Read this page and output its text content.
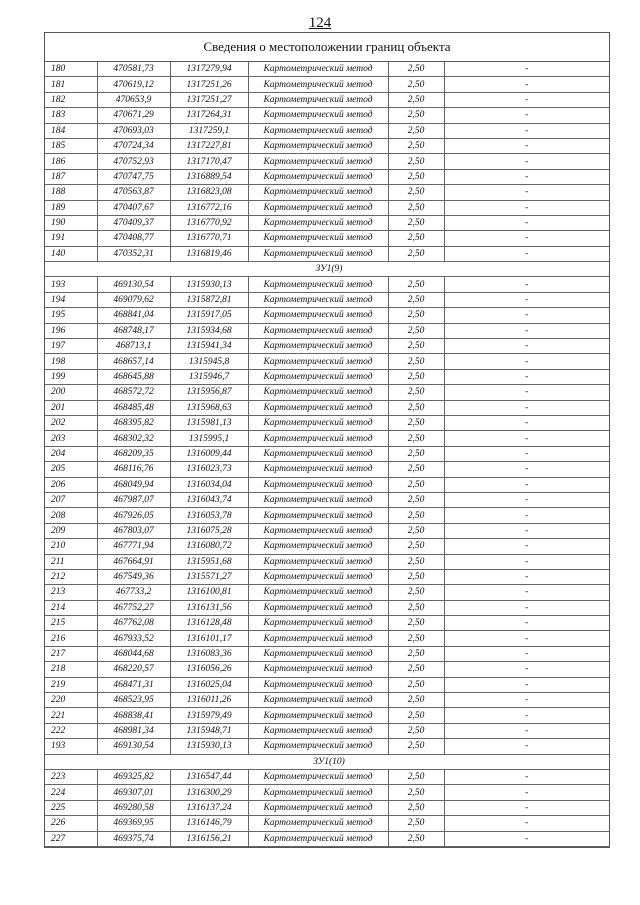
124
Сведения о местоположении границ объекта
180	470581,73	1317279,94	Картометрический метод	2,50	-
181	470619,12	1317251,26	Картометрический метод	2,50	-
182	470653,9	1317251,27	Картометрический метод	2,50	-
183	470671,29	1317264,31	Картометрический метод	2,50	-
184	470693,03	1317259,1	Картометрический метод	2,50	-
185	470724,34	1317227,81	Картометрический метод	2,50	-
186	470752,93	1317170,47	Картометрический метод	2,50	-
187	470747,75	1316889,54	Картометрический метод	2,50	-
188	470563,87	1316823,08	Картометрический метод	2,50	-
189	470407,67	1316772,16	Картометрический метод	2,50	-
190	470409,37	1316770,92	Картометрический метод	2,50	-
191	470408,77	1316770,71	Картометрический метод	2,50	-
140	470352,31	1316819,46	Картометрический метод	2,50	-
ЗУ1(9)					
193	469130,54	1315930,13	Картометрический метод	2,50	-
194	469079,62	1315872,81	Картометрический метод	2,50	-
195	468841,04	1315917,05	Картометрический метод	2,50	-
196	468748,17	1315934,68	Картометрический метод	2,50	-
197	468713,1	1315941,34	Картометрический метод	2,50	-
198	468657,14	1315945,8	Картометрический метод	2,50	-
199	468645,88	1315946,7	Картометрический метод	2,50	-
200	468572,72	1315956,87	Картометрический метод	2,50	-
201	468485,48	1315968,63	Картометрический метод	2,50	-
202	468395,82	1315981,13	Картометрический метод	2,50	-
203	468302,32	1315995,1	Картометрический метод	2,50	-
204	468209,35	1316009,44	Картометрический метод	2,50	-
205	468116,76	1316023,73	Картометрический метод	2,50	-
206	468049,94	1316034,04	Картометрический метод	2,50	-
207	467987,07	1316043,74	Картометрический метод	2,50	-
208	467926,05	1316053,78	Картометрический метод	2,50	-
209	467803,07	1316075,28	Картометрический метод	2,50	-
210	467771,94	1316080,72	Картометрический метод	2,50	-
211	467664,91	1315951,68	Картометрический метод	2,50	-
212	467549,36	1315571,27	Картометрический метод	2,50	-
213	467733,2	1316100,81	Картометрический метод	2,50	-
214	467752,27	1316131,56	Картометрический метод	2,50	-
215	467762,08	1316128,48	Картометрический метод	2,50	-
216	467933,52	1316101,17	Картометрический метод	2,50	-
217	468044,68	1316083,36	Картометрический метод	2,50	-
218	468220,57	1316056,26	Картометрический метод	2,50	-
219	468471,31	1316025,04	Картометрический метод	2,50	-
220	468523,95	1316011,26	Картометрический метод	2,50	-
221	468838,41	1315979,49	Картометрический метод	2,50	-
222	468981,34	1315948,71	Картометрический метод	2,50	-
193	469130,54	1315930,13	Картометрический метод	2,50	-
ЗУ1(10)					
223	469325,82	1316547,44	Картометрический метод	2,50	-
224	469307,01	1316300,29	Картометрический метод	2,50	-
225	469280,58	1316137,24	Картометрический метод	2,50	-
226	469369,95	1316146,79	Картометрический метод	2,50	-
227	469375,74	1316156,21	Картометрический метод	2,50	-
